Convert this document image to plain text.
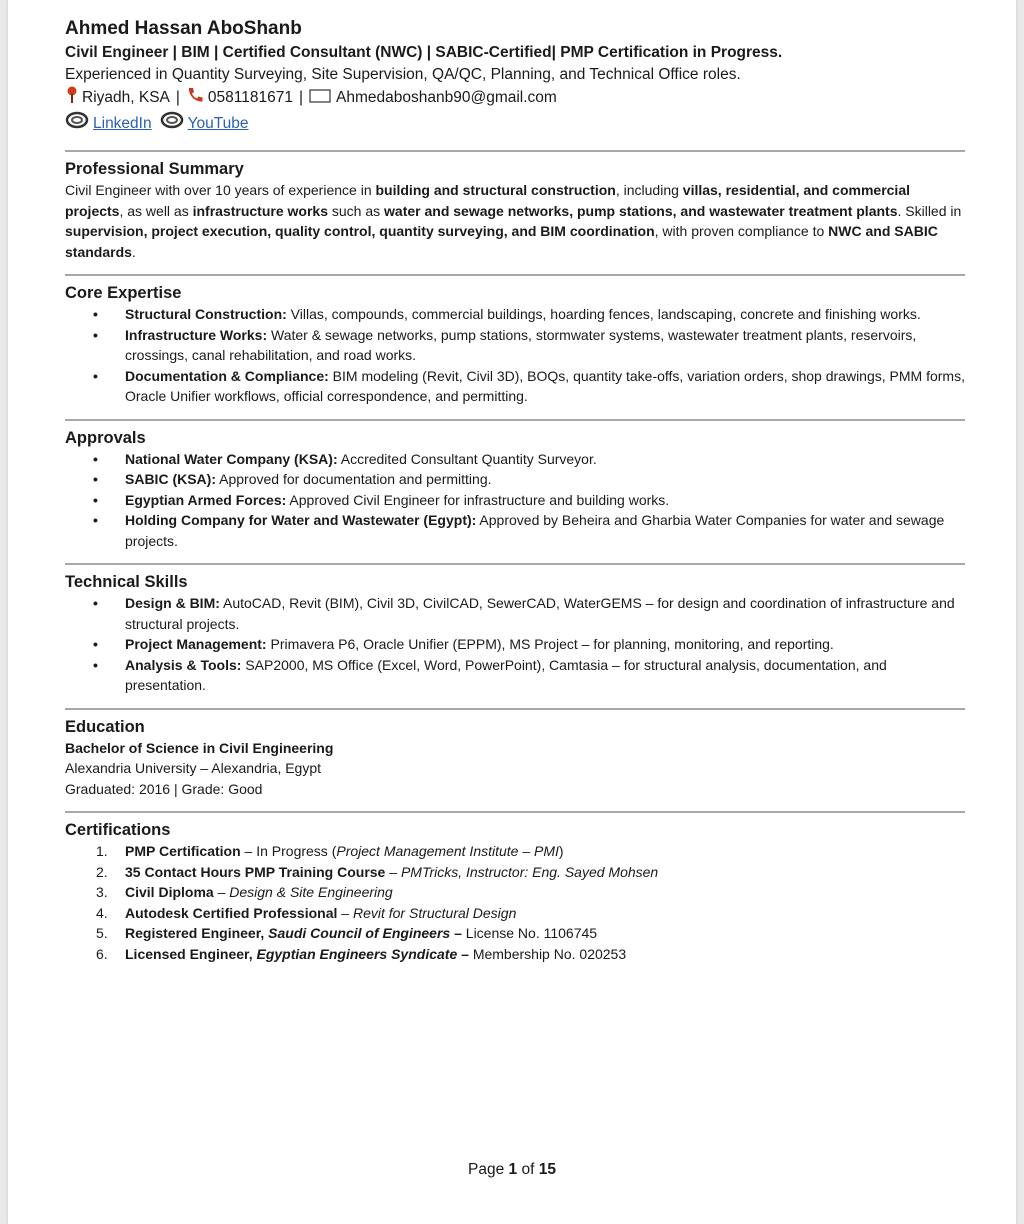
Ahmed Hassan AboShanb
Civil Engineer | BIM | Certified Consultant (NWC) | SABIC-Certified| PMP Certification in Progress.
Experienced in Quantity Surveying, Site Supervision, QA/QC, Planning, and Technical Office roles.
Riyadh, KSA | 0581181671 | Ahmedaboshanb90@gmail.com
LinkedIn YouTube
Professional Summary

Civil Engineer with over 10 years of experience in building and structural construction, including villas, residential, and commercial projects, as well as infrastructure works such as water and sewage networks, pump stations, and wastewater treatment plants. Skilled in supervision, project execution, quality control, quantity surveying, and BIM coordination, with proven compliance to NWC and SABIC standards.

Core Expertise
• Structural Construction: Villas, compounds, commercial buildings, hoarding fences, landscaping, concrete and finishing works.
• Infrastructure Works: Water & sewage networks, pump stations, stormwater systems, wastewater treatment plants, reservoirs, crossings, canal rehabilitation, and road works.
• Documentation & Compliance: BIM modeling (Revit, Civil 3D), BOQs, quantity take-offs, variation orders, shop drawings, PMM forms, Oracle Unifier workflows, official correspondence, and permitting.
Approvals
• National Water Company (KSA): Accredited Consultant Quantity Surveyor.
• SABIC (KSA): Approved for documentation and permitting.
• Egyptian Armed Forces: Approved Civil Engineer for infrastructure and building works.
• Holding Company for Water and Wastewater (Egypt): Approved by Beheira and Gharbia Water Companies for water and sewage projects.
Technical Skills
• Design & BIM: AutoCAD, Revit (BIM), Civil 3D, CivilCAD, SewerCAD, WaterGEMS – for design and coordination of infrastructure and structural projects.
• Project Management: Primavera P6, Oracle Unifier (EPPM), MS Project – for planning, monitoring, and reporting.
• Analysis & Tools: SAP2000, MS Office (Excel, Word, PowerPoint), Camtasia – for structural analysis, documentation, and presentation.
Education
Bachelor of Science in Civil Engineering
Alexandria University – Alexandria, Egypt
Graduated: 2016 | Grade: Good
Certifications
1. PMP Certification – In Progress (Project Management Institute – PMI)
2. 35 Contact Hours PMP Training Course – PMTricks, Instructor: Eng. Sayed Mohsen
3. Civil Diploma – Design & Site Engineering
4. Autodesk Certified Professional – Revit for Structural Design
5. Registered Engineer, Saudi Council of Engineers – License No. 1106745
6. Licensed Engineer, Egyptian Engineers Syndicate – Membership No. 020253
Page 1 of 15
